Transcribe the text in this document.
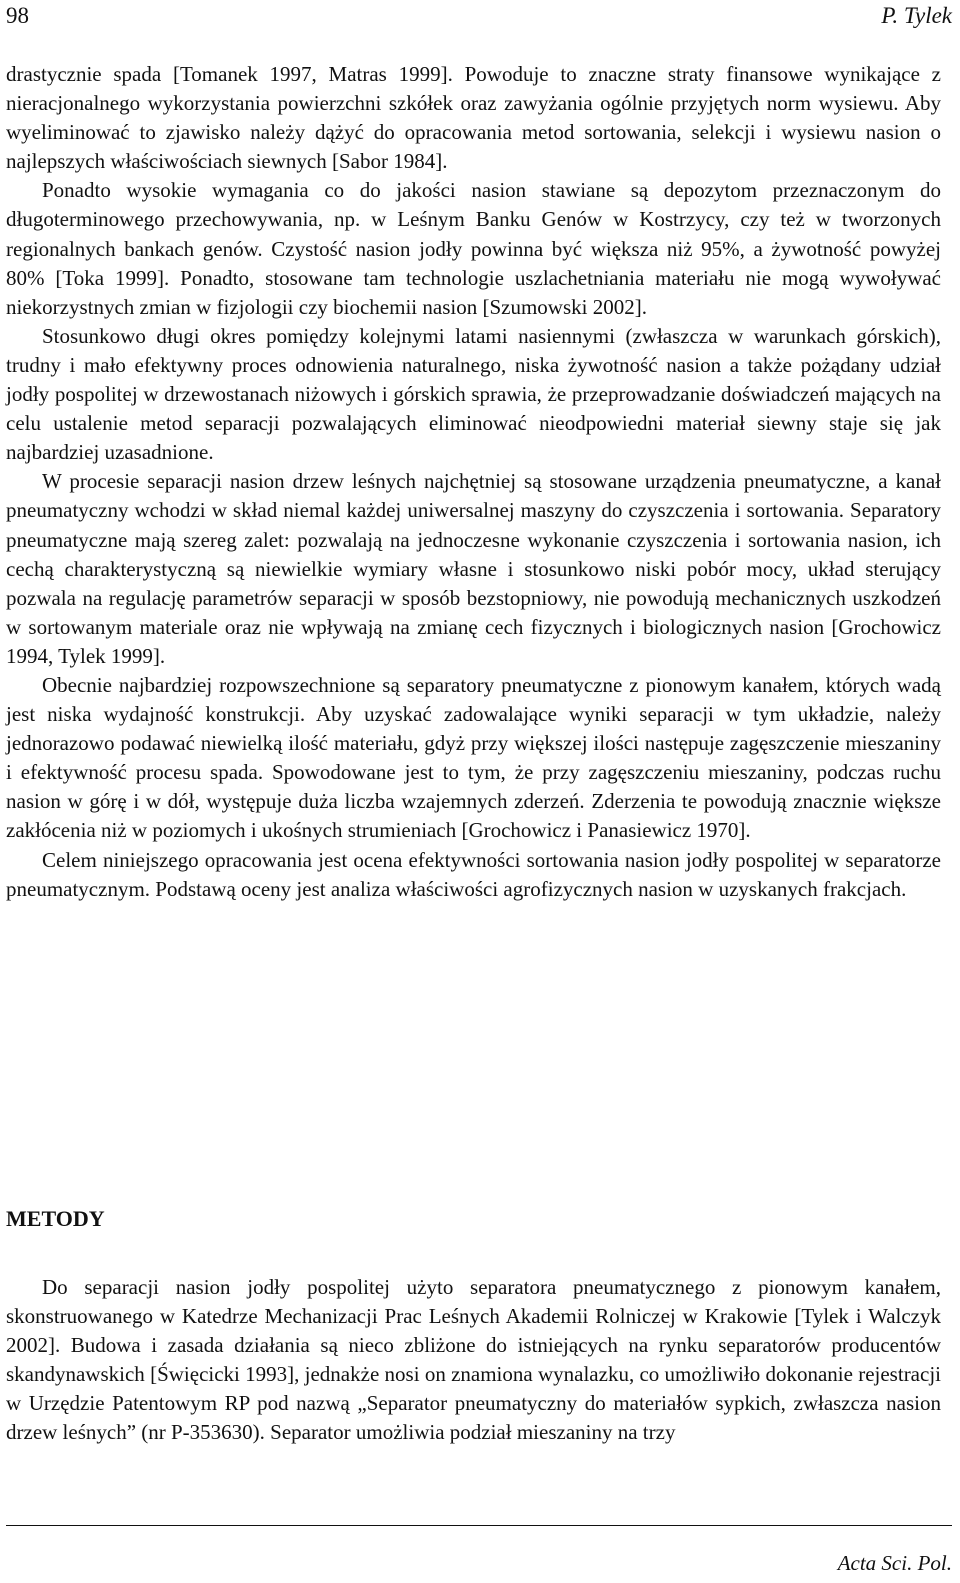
98	P. Tylek

drastycznie spada [Tomanek 1997, Matras 1999]. Powoduje to znaczne straty finansowe wynikające z nieracjonalnego wykorzystania powierzchni szkółek oraz zawyżania ogólnie przyjętych norm wysiewu. Aby wyeliminować to zjawisko należy dążyć do opracowania metod sortowania, selekcji i wysiewu nasion o najlepszych właściwościach siewnych [Sabor 1984].

Ponadto wysokie wymagania co do jakości nasion stawiane są depozytom przeznaczonym do długoterminowego przechowywania, np. w Leśnym Banku Genów w Kostrzycy, czy też w tworzonych regionalnych bankach genów. Czystość nasion jodły powinna być większa niż 95%, a żywotność powyżej 80% [Toka 1999]. Ponadto, stosowane tam technologie uszlachetniania materiału nie mogą wywoływać niekorzystnych zmian w fizjologii czy biochemii nasion [Szumowski 2002].

Stosunkowo długi okres pomiędzy kolejnymi latami nasiennymi (zwłaszcza w warunkach górskich), trudny i mało efektywny proces odnowienia naturalnego, niska żywotność nasion a także pożądany udział jodły pospolitej w drzewostanach niżowych i górskich sprawia, że przeprowadzanie doświadczeń mających na celu ustalenie metod separacji pozwalających eliminować nieodpowiedni materiał siewny staje się jak najbardziej uzasadnione.

W procesie separacji nasion drzew leśnych najchętniej są stosowane urządzenia pneumatyczne, a kanał pneumatyczny wchodzi w skład niemal każdej uniwersalnej maszyny do czyszczenia i sortowania. Separatory pneumatyczne mają szereg zalet: pozwalają na jednoczesne wykonanie czyszczenia i sortowania nasion, ich cechą charakterystyczną są niewielkie wymiary własne i stosunkowo niski pobór mocy, układ sterujący pozwala na regulację parametrów separacji w sposób bezstopniowy, nie powodują mechanicznych uszkodzeń w sortowanym materiale oraz nie wpływają na zmianę cech fizycznych i biologicznych nasion [Grochowicz 1994, Tylek 1999].

Obecnie najbardziej rozpowszechnione są separatory pneumatyczne z pionowym kanałem, których wadą jest niska wydajność konstrukcji. Aby uzyskać zadowalające wyniki separacji w tym układzie, należy jednorazowo podawać niewielką ilość materiału, gdyż przy większej ilości następuje zagęszczenie mieszaniny i efektywność procesu spada. Spowodowane jest to tym, że przy zagęszczeniu mieszaniny, podczas ruchu nasion w górę i w dół, występuje duża liczba wzajemnych zderzeń. Zderzenia te powodują znacznie większe zakłócenia niż w poziomych i ukośnych strumieniach [Grochowicz i Panasiewicz 1970].

Celem niniejszego opracowania jest ocena efektywności sortowania nasion jodły pospolitej w separatorze pneumatycznym. Podstawą oceny jest analiza właściwości agrofizycznych nasion w uzyskanych frakcjach.

METODY

Do separacji nasion jodły pospolitej użyto separatora pneumatycznego z pionowym kanałem, skonstruowanego w Katedrze Mechanizacji Prac Leśnych Akademii Rolniczej w Krakowie [Tylek i Walczyk 2002]. Budowa i zasada działania są nieco zbliżone do istniejących na rynku separatorów producentów skandynawskich [Święcicki 1993], jednakże nosi on znamiona wynalazku, co umożliwiło dokonanie rejestracji w Urzędzie Patentowym RP pod nazwą „Separator pneumatyczny do materiałów sypkich, zwłaszcza nasion drzew leśnych” (nr P-353630). Separator umożliwia podział mieszaniny na trzy

Acta Sci. Pol.
